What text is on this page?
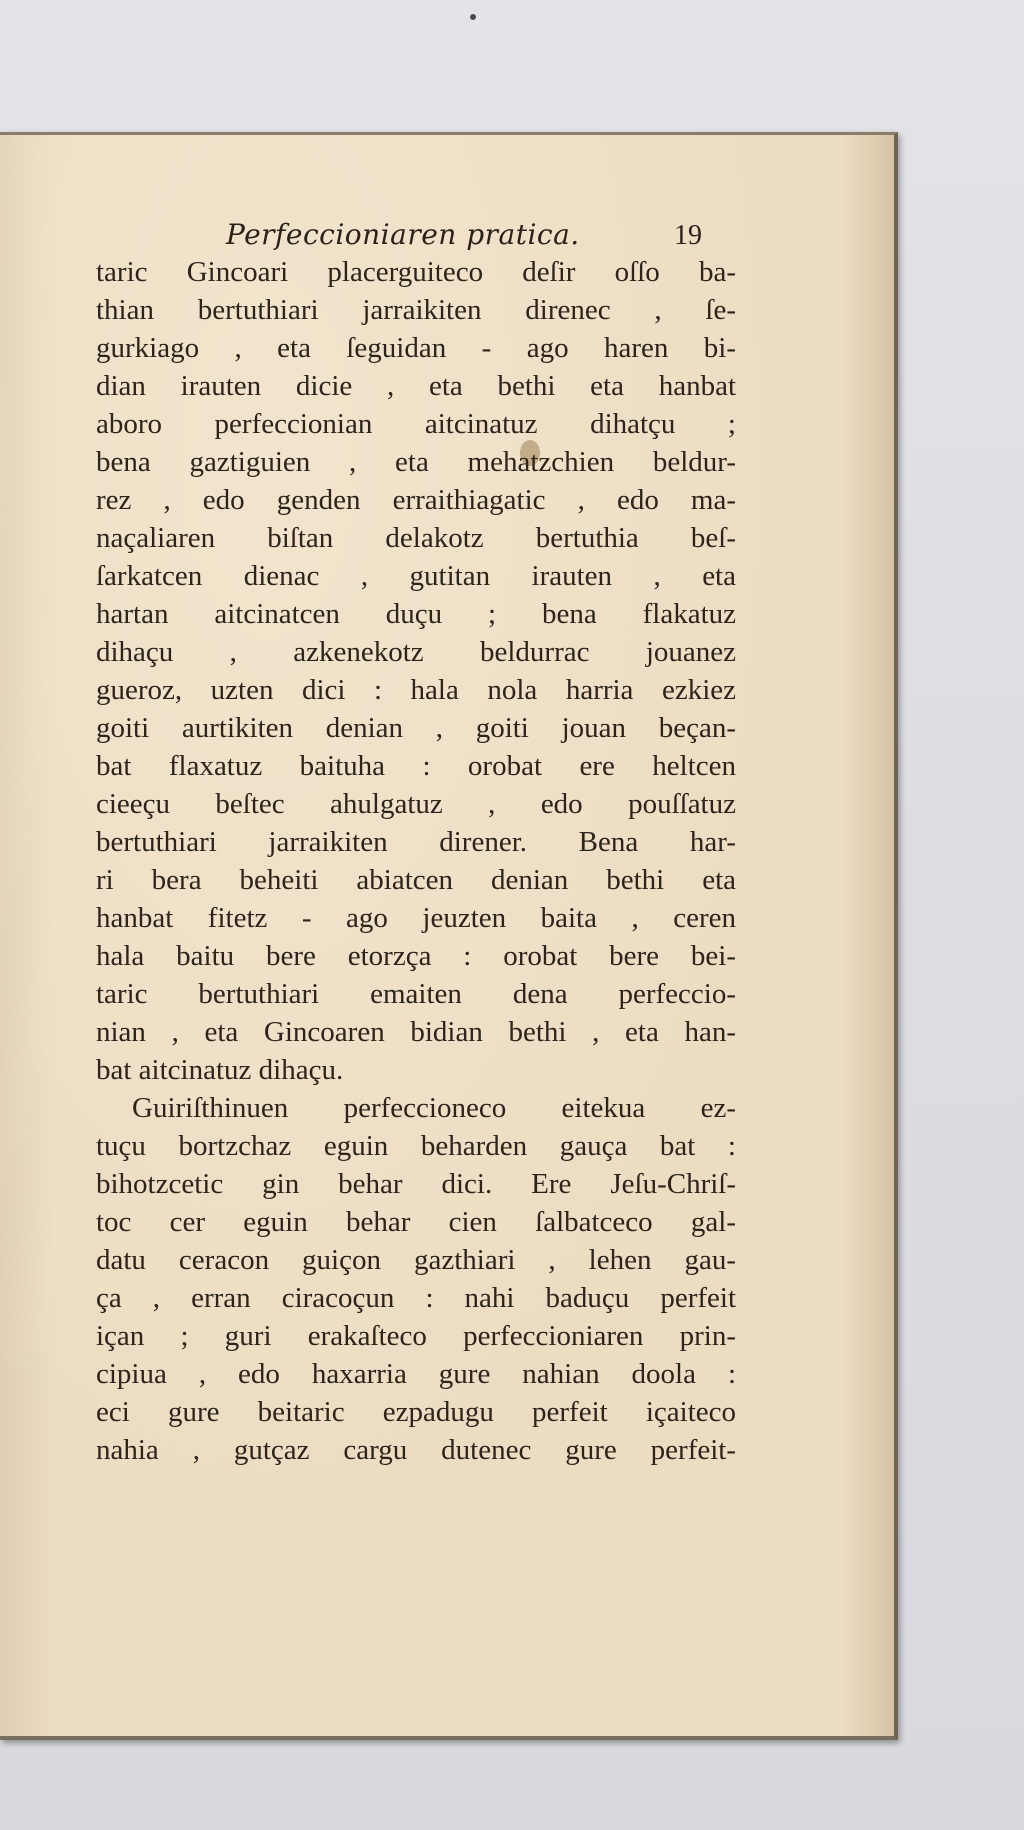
Perfeccioniaren pratica.	19
taric Gincoari placerguiteco deſir oſſo ba-
thian bertuthiari jarraikiten direnec , ſe-
gurkiago , eta ſeguidan - ago haren bi-
dian irauten dicie , eta bethi eta hanbat
aboro perfeccionian aitcinatuz dihatçu ;
bena gaztiguien , eta mehatzchien beldur-
rez , edo genden erraithiagatic , edo ma-
naçaliaren biſtan delakotz bertuthia beſ-
ſarkatcen dienac , gutitan irauten , eta
hartan aitcinatcen duçu ; bena flakatuz
dihaçu , azkenekotz beldurrac jouanez
gueroz, uzten dici : hala nola harria ezkiez
goiti aurtikiten denian , goiti jouan beçan-
bat flaxatuz baituha : orobat ere heltcen
cieeçu beſtec ahulgatuz , edo pouſſatuz
bertuthiari jarraikiten direner. Bena har-
ri bera beheiti abiatcen denian bethi eta
hanbat fitetz - ago jeuzten baita , ceren
hala baitu bere etorzça : orobat bere bei-
taric bertuthiari emaiten dena perfeccio-
nian , eta Gincoaren bidian bethi , eta han-
bat aitcinatuz dihaçu.
Guiriſthinuen perfeccioneco eitekua ez-
tuçu bortzchaz eguin beharden gauça bat :
bihotzcetic gin behar dici. Ere Jeſu-Chriſ-
toc cer eguin behar cien ſalbatceco gal-
datu ceracon guiçon gazthiari , lehen gau-
ça , erran ciracoçun : nahi baduçu perfeit
içan ; guri erakaſteco perfeccioniaren prin-
cipiua , edo haxarria gure nahian doola :
eci gure beitaric ezpadugu perfeit içaiteco
nahia , gutçaz cargu dutenec gure perfeit-
